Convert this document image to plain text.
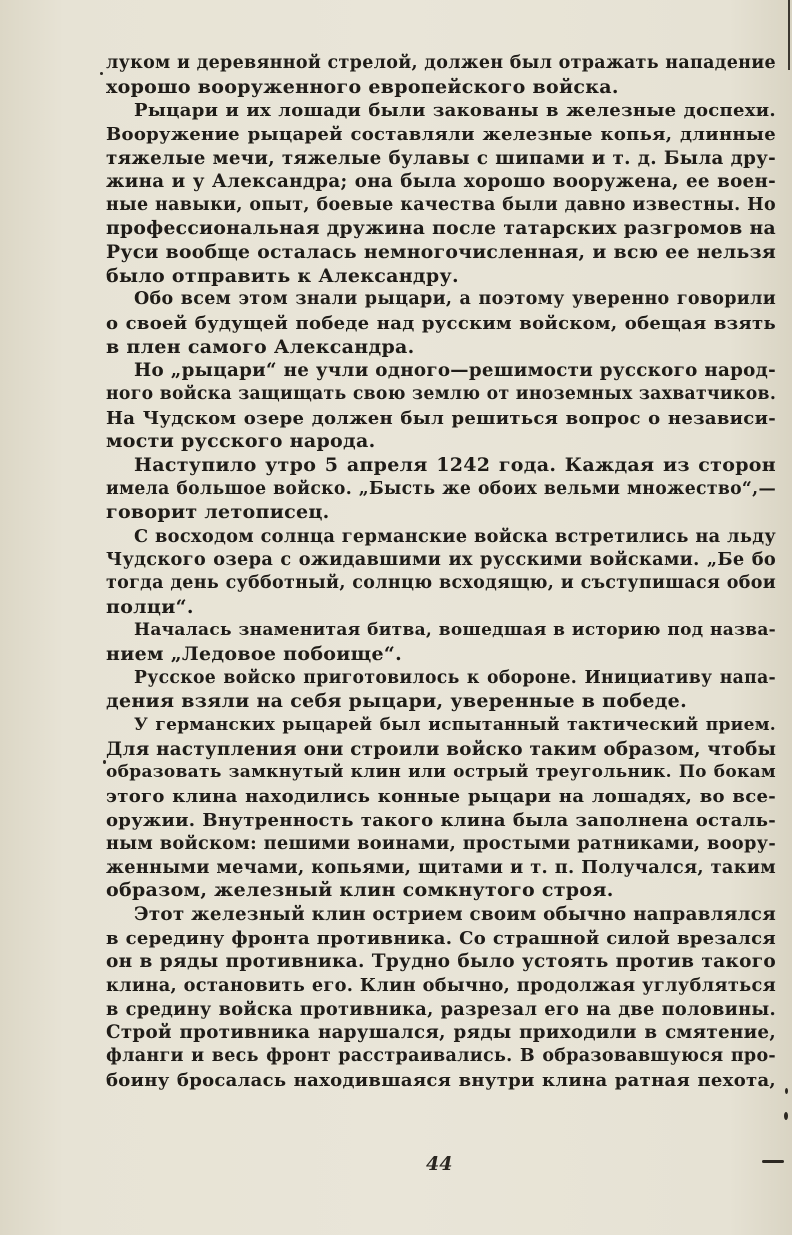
луком и деревянной стрелой, должен был отражать нападение
хорошо вооруженного европейского войска.
Рыцари и их лошади были закованы в железные доспехи.
Вооружение рыцарей составляли железные копья, длинные
тяжелые мечи, тяжелые булавы с шипами и т. д. Была дру-
жина и у Александра; она была хорошо вооружена, ее воен-
ные навыки, опыт, боевые качества были давно известны. Но
профессиональная дружина после татарских разгромов на
Руси вообще осталась немногочисленная, и всю ее нельзя
было отправить к Александру.
Обо всем этом знали рыцари, а поэтому уверенно говорили
о своей будущей победе над русским войском, обещая взять
в плен самого Александра.
Но „рыцари“ не учли одного—решимости русского народ-
ного войска защищать свою землю от иноземных захватчиков.
На Чудском озере должен был решиться вопрос о независи-
мости русского народа.
Наступило утро 5 апреля 1242 года. Каждая из сторон
имела большое войско. „Бысть же обоих вельми множество“,—
говорит летописец.
С восходом солнца германские войска встретились на льду
Чудского озера с ожидавшими их русскими войсками. „Бе бо
тогда день субботный, солнцю всходящю, и съступишася обои
полци“.
Началась знаменитая битва, вошедшая в историю под назва-
нием „Ледовое побоище“.
Русское войско приготовилось к обороне. Инициативу напа-
дения взяли на себя рыцари, уверенные в победе.
У германских рыцарей был испытанный тактический прием.
Для наступления они строили войско таким образом, чтобы
образовать замкнутый клин или острый треугольник. По бокам
этого клина находились конные рыцари на лошадях, во все-
оружии. Внутренность такого клина была заполнена осталь-
ным войском: пешими воинами, простыми ратниками, воору-
женными мечами, копьями, щитами и т. п. Получался, таким
образом, железный клин сомкнутого строя.
Этот железный клин острием своим обычно направлялся
в середину фронта противника. Со страшной силой врезался
он в ряды противника. Трудно было устоять против такого
клина, остановить его. Клин обычно, продолжая углубляться
в средину войска противника, разрезал его на две половины.
Строй противника нарушался, ряды приходили в смятение,
фланги и весь фронт расстраивались. В образовавшуюся про-
боину бросалась находившаяся внутри клина ратная пехота,
44
